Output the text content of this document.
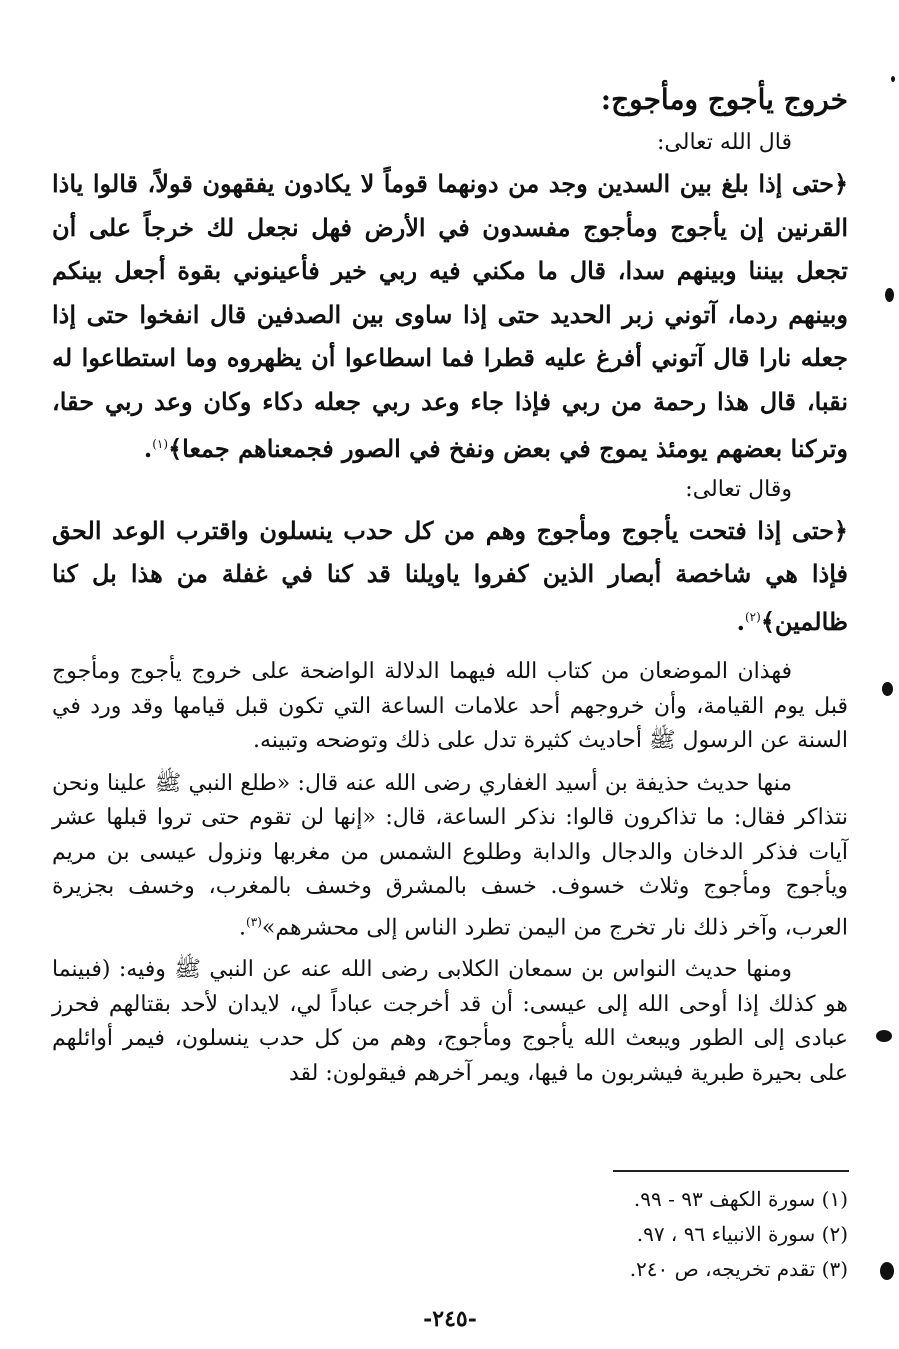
خروج يأجوج ومأجوج:
قال الله تعالى:

﴿حتى إذا بلغ بين السدين وجد من دونهما قوماً لا يكادون يفقهون قولاً، قالوا ياذا القرنين إن يأجوج ومأجوج مفسدون في الأرض فهل نجعل لك خرجاً على أن تجعل بيننا وبينهم سدا، قال ما مكني فيه ربي خير فأعينوني بقوة أجعل بينكم وبينهم ردما، آتوني زبر الحديد حتى إذا ساوى بين الصدفين قال انفخوا حتى إذا جعله نارا قال آتوني أفرغ عليه قطرا فما اسطاعوا أن يظهروه وما استطاعوا له نقبا، قال هذا رحمة من ربي فإذا جاء وعد ربي جعله دكاء وكان وعد ربي حقا، وتركنا بعضهم يومئذ يموج في بعض ونفخ في الصور فجمعناهم جمعا﴾$^{(١)}$.

وقال تعالى:

﴿حتى إذا فتحت يأجوج ومأجوج وهم من كل حدب ينسلون واقترب الوعد الحق فإذا هي شاخصة أبصار الذين كفروا ياويلنا قد كنا في غفلة من هذا بل كنا ظالمين﴾$^{(٢)}$.

فهذان الموضعان من كتاب الله فيهما الدلالة الواضحة على خروج يأجوج ومأجوج قبل يوم القيامة، وأن خروجهم أحد علامات الساعة التي تكون قبل قيامها وقد ورد في السنة عن الرسول ﷺ أحاديث كثيرة تدل على ذلك وتوضحه وتبينه.

منها حديث حذيفة بن أسيد الغفاري رضى الله عنه قال: «طلع النبي ﷺ علينا ونحن نتذاكر فقال: ما تذاكرون قالوا: نذكر الساعة، قال: «إنها لن تقوم حتى تروا قبلها عشر آيات فذكر الدخان والدجال والدابة وطلوع الشمس من مغربها ونزول عيسى بن مريم ويأجوج ومأجوج وثلاث خسوف. خسف بالمشرق وخسف بالمغرب، وخسف بجزيرة العرب، وآخر ذلك نار تخرج من اليمن تطرد الناس إلى محشرهم»$^{(٣)}$.

ومنها حديث النواس بن سمعان الكلابى رضى الله عنه عن النبي ﷺ وفيه: (فبينما هو كذلك إذا أوحى الله إلى عيسى: أن قد أخرجت عباداً لي، لايدان لأحد بقتالهم فحرز عبادى إلى الطور ويبعث الله يأجوج ومأجوج، وهم من كل حدب ينسلون، فيمر أوائلهم على بحيرة طبرية فيشربون ما فيها، ويمر آخرهم فيقولون: لقد

(١) سورة الكهف ٩٣ - ٩٩.
(٢) سورة الانبياء ٩٦ ، ٩٧.
(٣) تقدم تخريجه، ص ٢٤٠.
-٢٤٥-
